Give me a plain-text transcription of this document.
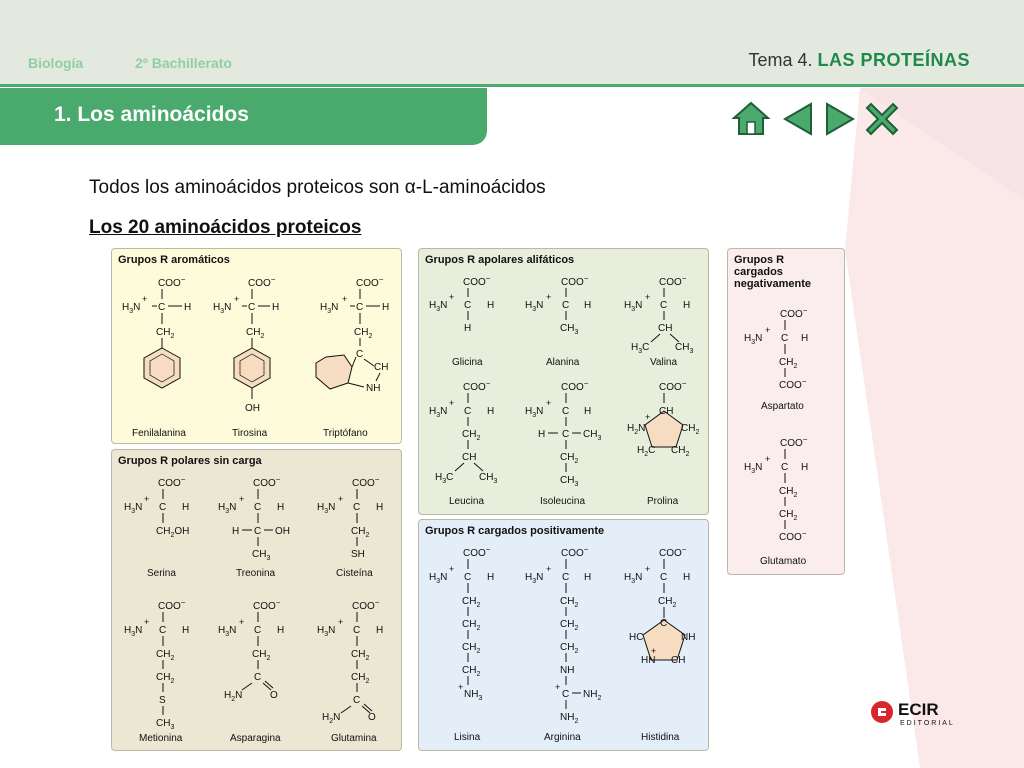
Biología	2º Bachillerato	Tema 4. LAS PROTEÍNAS
1. Los aminoácidos
Todos los aminoácidos proteicos son α-L-aminoácidos
Los 20 aminoácidos proteicos
Grupos R aromáticos
COO−
$H_3N$
+
C H
$CH_2$
COO−
$H_3N$
+
C H
$CH_2$
OH
COO−
$H_3N$
+
C H
$CH_2$
C
CH
NH
Fenilalanina	Tirosina	Triptófano
Grupos R polares sin carga
COO−
$H_3N$
+
C H
$CH_2OH$
COO−
$H_3N$
+
C H
H C OH
$CH_3$
COO−
$H_3N$
+
C H
$CH_2$
SH
Serina	Treonina	Cisteína
COO−
$H_3N$
+
C H
$CH_2$
$CH_2$
S
$CH_3$
COO−
$H_3N$
+
C H
$CH_2$
C
$H_2N$	O
COO−
$H_3N$
+
C H
$CH_2$
$CH_2$
C
$H_2N$	O
Metionina	Asparagina	Glutamina
Grupos R apolares alifáticos
COO−
$H_3N$
+
C H
H
COO−
$H_3N$
+
C H
$CH_3$
COO−
$H_3N$
+
C H
CH
$H_3C$	$CH_3$
Glicina	Alanina	Valina
COO−
$H_3N$
+
C H
$CH_2$
CH
$H_3C$	$CH_3$
COO−
$H_3N$
+
C H
H C $CH_3$
$CH_2$
$CH_3$
COO−
CH
$H_2N$
+
$CH_2$
$H_2C$ $CH_2$
Leucina	Isoleucina	Prolina
Grupos R cargados positivamente
COO−
$H_3N$
+
C H
$CH_2$
$CH_2$
$CH_2$
$CH_2$
+
$NH_3$
COO−
$H_3N$
+
C H
$CH_2$
$CH_2$
$CH_2$
NH
+
C $NH_2$
$NH_2$
COO−
$H_3N$
+
C H
$CH_2$
C
HC	NH
HN
+
CH
Lisina	Arginina	Histidina
Grupos R
cargados
negativamente
COO−
$H_3N$
+
C H
$CH_2$
COO−
Aspartato
COO−
$H_3N$
+
C H
$CH_2$
$CH_2$
COO−
Glutamato
ECIR
EDITORIAL
